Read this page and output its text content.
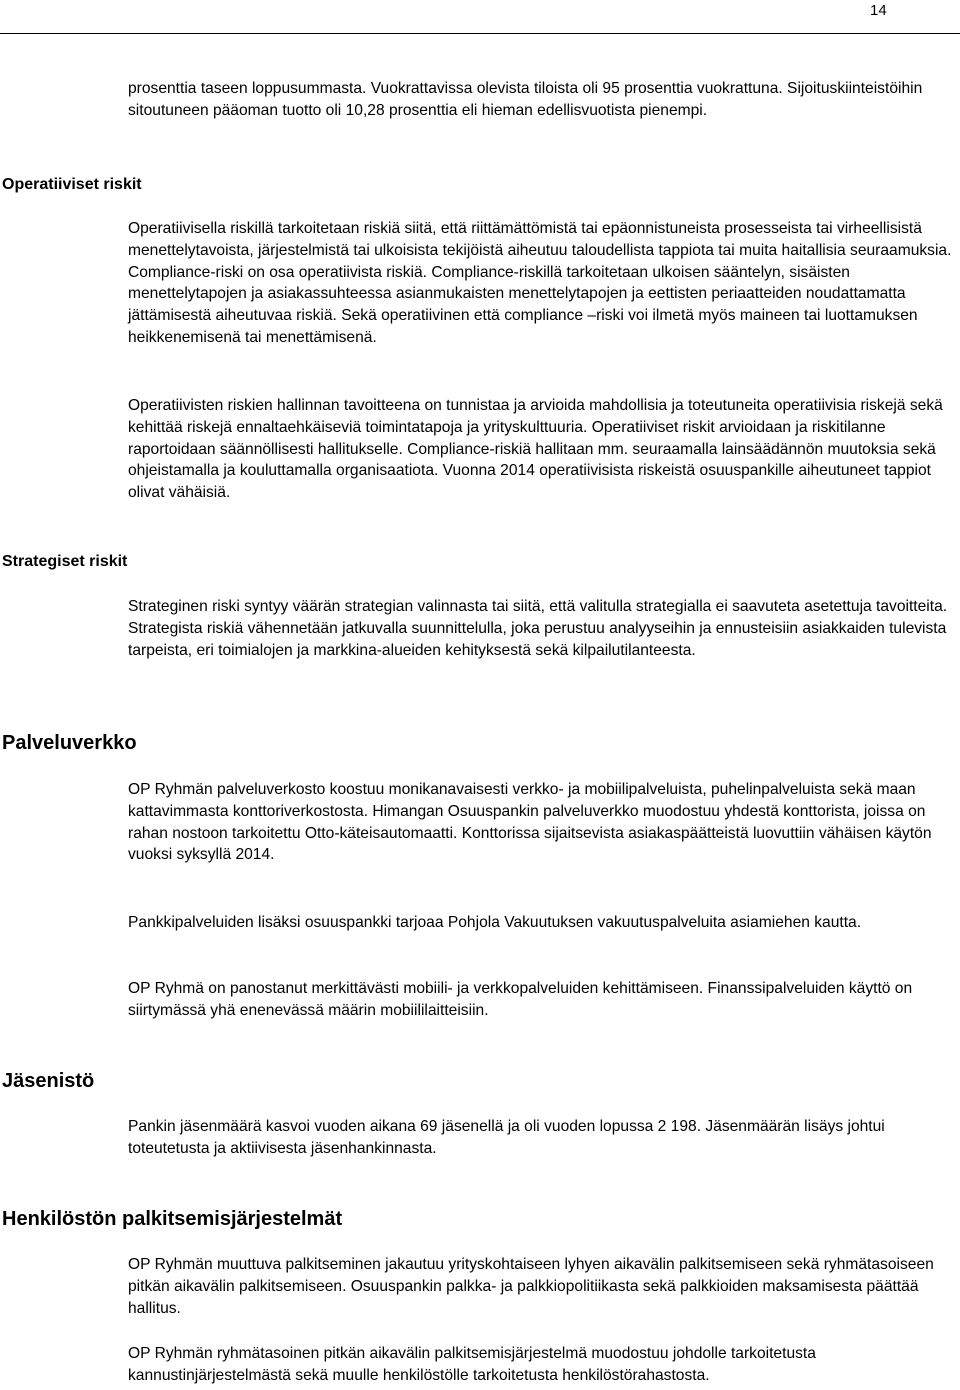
14

prosenttia taseen loppusummasta. Vuokrattavissa olevista tiloista oli 95 prosenttia vuokrattuna. Sijoituskiinteistöihin sitoutuneen pääoman tuotto oli 10,28 prosenttia eli hieman edellisvuotista pienempi.

Operatiiviset riskit

Operatiivisella riskillä tarkoitetaan riskiä siitä, että riittämättömistä tai epäonnistuneista prosesseista tai virheellisistä menettelytavoista, järjestelmistä tai ulkoisista tekijöistä aiheutuu taloudellista tappiota tai muita haitallisia seuraamuksia. Compliance-riski on osa operatiivista riskiä. Compliance-riskillä tarkoitetaan ulkoisen sääntelyn, sisäisten menettelytapojen ja asiakassuhteessa asianmukaisten menettelytapojen ja eettisten periaatteiden noudattamatta jättämisestä aiheutuvaa riskiä. Sekä operatiivinen että compliance –riski voi ilmetä myös maineen tai luottamuksen heikkenemisenä tai menettämisenä.

Operatiivisten riskien hallinnan tavoitteena on tunnistaa ja arvioida mahdollisia ja toteutuneita operatiivisia riskejä sekä kehittää riskejä ennaltaehkäiseviä toimintatapoja ja yrityskulttuuria. Operatiiviset riskit arvioidaan ja riskitilanne raportoidaan säännöllisesti hallitukselle. Compliance-riskiä hallitaan mm. seuraamalla lainsäädännön muutoksia sekä ohjeistamalla ja kouluttamalla organisaatiota. Vuonna 2014 operatiivisista riskeistä osuuspankille aiheutuneet tappiot olivat vähäisiä.

Strategiset riskit

Strateginen riski syntyy väärän strategian valinnasta tai siitä, että valitulla strategialla ei saavuteta asetettuja tavoitteita. Strategista riskiä vähennetään jatkuvalla suunnittelulla, joka perustuu analyyseihin ja ennusteisiin asiakkaiden tulevista tarpeista, eri toimialojen ja markkina-alueiden kehityksestä sekä kilpailutilanteesta.

Palveluverkko

OP Ryhmän palveluverkosto koostuu monikanavaisesti verkko- ja mobiilipalveluista, puhelinpalveluista sekä maan kattavimmasta konttoriverkostosta. Himangan Osuuspankin palveluverkko muodostuu yhdestä konttorista, joissa on rahan nostoon tarkoitettu Otto-käteisautomaatti. Konttorissa sijaitsevista asiakaspäätteistä luovuttiin vähäisen käytön vuoksi syksyllä 2014.

Pankkipalveluiden lisäksi osuuspankki tarjoaa Pohjola Vakuutuksen vakuutuspalveluita asiamiehen kautta.

OP Ryhmä on panostanut merkittävästi mobiili- ja verkkopalveluiden kehittämiseen. Finanssipalveluiden käyttö on siirtymässä yhä enenevässä määrin mobiililaitteisiin.

Jäsenistö

Pankin jäsenmäärä kasvoi vuoden aikana 69 jäsenellä ja oli vuoden lopussa 2 198. Jäsenmäärän lisäys johtui toteutetusta ja aktiivisesta jäsenhankinnasta.

Henkilöstön palkitsemisjärjestelmät

OP Ryhmän muuttuva palkitseminen jakautuu yrityskohtaiseen lyhyen aikavälin palkitsemiseen sekä ryhmätasoiseen pitkän aikavälin palkitsemiseen. Osuuspankin palkka- ja palkkiopolitiikasta sekä palkkioiden maksamisesta päättää hallitus.

OP Ryhmän ryhmätasoinen pitkän aikavälin palkitsemisjärjestelmä muodostuu johdolle tarkoitetusta kannustinjärjestelmästä sekä muulle henkilöstölle tarkoitetusta henkilöstörahastosta.
